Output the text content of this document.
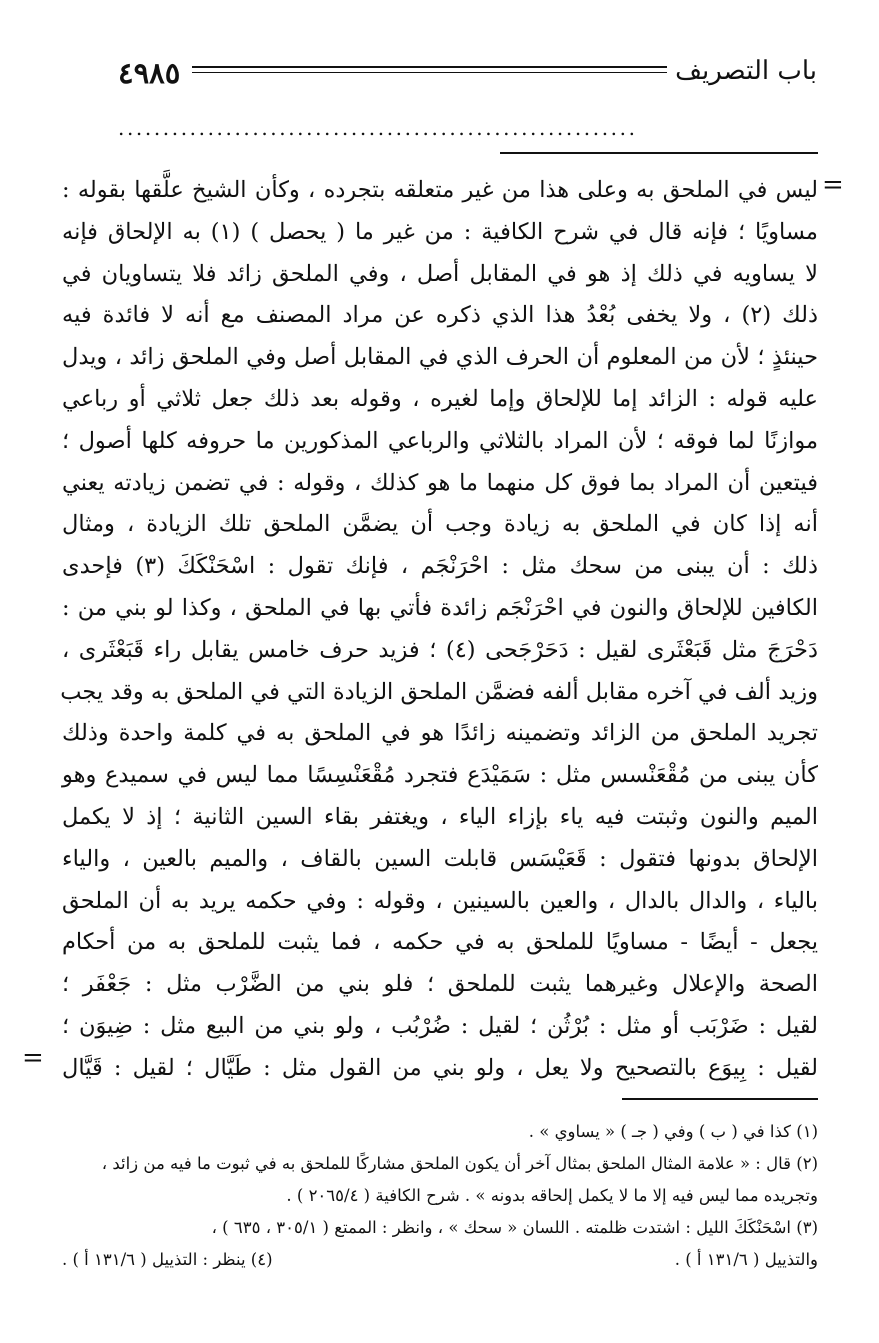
٤٩٨٥	باب التصريف
..........................................................
=
ليس في الملحق به وعلى هذا من غير متعلقه بتجرده ، وكأن الشيخ علَّقها بقوله :
مساويًا ؛ فإنه قال في شرح الكافية : من غير ما ( يحصل ) (١) به الإلحاق فإنه
لا يساويه في ذلك إذ هو في المقابل أصل ، وفي الملحق زائد فلا يتساويان في
ذلك (٢) ، ولا يخفى بُعْدُ هذا الذي ذكره عن مراد المصنف مع أنه لا فائدة فيه
حينئذٍ ؛ لأن من المعلوم أن الحرف الذي في المقابل أصل وفي الملحق زائد ، ويدل
عليه قوله : الزائد إما للإلحاق وإما لغيره ، وقوله بعد ذلك جعل ثلاثي أو رباعي
موازنًا لما فوقه ؛ لأن المراد بالثلاثي والرباعي المذكورين ما حروفه كلها أصول ؛
فيتعين أن المراد بما فوق كل منهما ما هو كذلك ، وقوله : في تضمن زيادته يعني
أنه إذا كان في الملحق به زيادة وجب أن يضمَّن الملحق تلك الزيادة ، ومثال
ذلك : أن يبنى من سحك مثل : احْرَنْجَم ، فإنك تقول : اسْحَنْكَكَ (٣) فإحدى
الكافين للإلحاق والنون في احْرَنْجَم زائدة فأتي بها في الملحق ، وكذا لو بني من :
دَحْرَجَ مثل قَبَعْثَرى لقيل : دَحَرْجَحى (٤) ؛ فزيد حرف خامس يقابل راء قَبَعْثَرى ،
وزيد ألف في آخره مقابل ألفه فضمَّن الملحق الزيادة التي في الملحق به وقد يجب
تجريد الملحق من الزائد وتضمينه زائدًا هو في الملحق به في كلمة واحدة وذلك
كأن يبنى من مُقْعَنْسس مثل : سَمَيْدَع فتجرد مُقْعَنْسِسًا مما ليس في سميدع وهو
الميم والنون وثبتت فيه ياء بإزاء الياء ، ويغتفر بقاء السين الثانية ؛ إذ لا يكمل
الإلحاق بدونها فتقول : قَعَيْسَس قابلت السين بالقاف ، والميم بالعين ، والياء
بالياء ، والدال بالدال ، والعين بالسينين ، وقوله : وفي حكمه يريد به أن الملحق
يجعل - أيضًا - مساويًا للملحق به في حكمه ، فما يثبت للملحق به من أحكام
الصحة والإعلال وغيرهما يثبت للملحق ؛ فلو بني من الضَّرْب مثل : جَعْفَر ؛
لقيل : ضَرْبَب أو مثل : بُرْثُن ؛ لقيل : ضُرْبُب ، ولو بني من البيع مثل : ضِيوَن ؛
لقيل : بِيوَع بالتصحيح ولا يعل ، ولو بني من القول مثل : طَيَّال ؛ لقيل : قَيَّال
=
(١) كذا في ( ب ) وفي ( جـ ) « يساوي » .
(٢) قال : « علامة المثال الملحق بمثال آخر أن يكون الملحق مشاركًا للملحق به في ثبوت ما فيه من زائد ،
وتجريده مما ليس فيه إلا ما لا يكمل إلحاقه بدونه » . شرح الكافية ( ٢٠٦٥/٤ ) .
(٣) اسْحَنْكَكَ الليل : اشتدت ظلمته . اللسان « سحك » ، وانظر : الممتع ( ٣٠٥/١ ، ٦٣٥ ) ،
والتذييل ( ١٣١/٦ أ ) .
(٤) ينظر : التذييل ( ١٣١/٦ أ ) .
